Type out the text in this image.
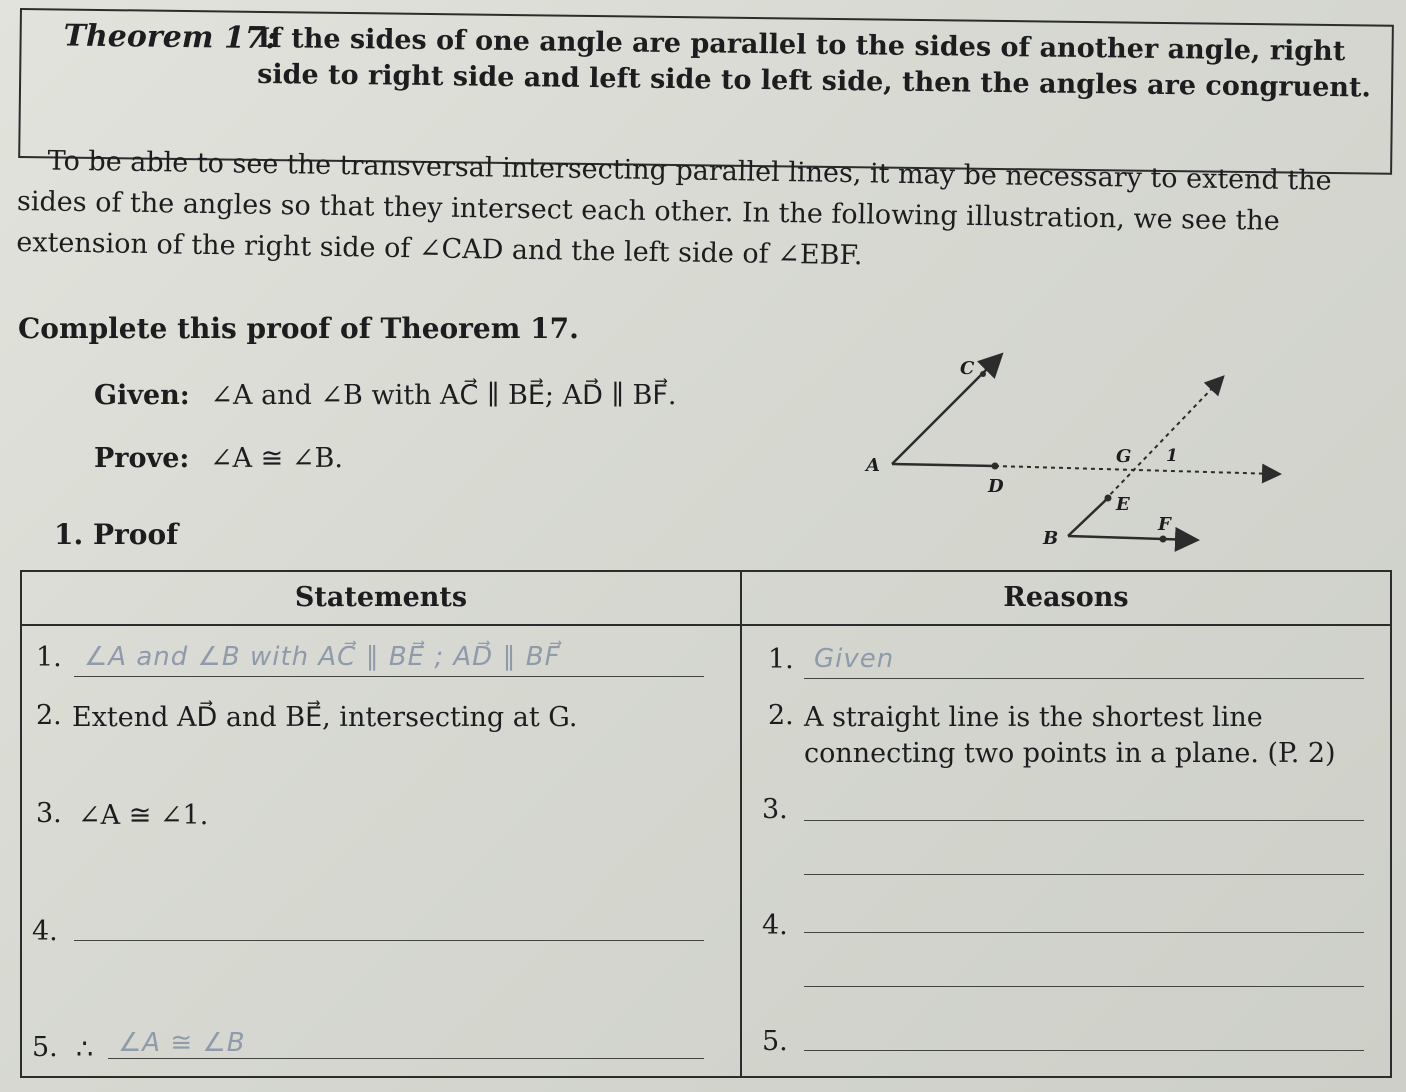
Theorem 17:
If the sides of one angle are parallel to the sides of another angle, right side to right side and left side to left side, then the angles are congruent.
To be able to see the transversal intersecting parallel lines, it may be necessary to extend the sides of the angles so that they intersect each other. In the following illustration, we see the extension of the right side of ∠CAD and the left side of ∠EBF.
Complete this proof of Theorem 17.
Given: ∠A and ∠B with AC⃗ ∥ BE⃗; AD⃗ ∥ BF⃗.
Prove: ∠A ≅ ∠B.
1. Proof
C
A
D
G 1
E
B
F
Statements	Reasons
1. ∠A and ∠B with AC⃗ ∥ BE⃗ ; AD⃗ ∥ BF⃗	1. Given
2. Extend AD⃗ and BE⃗, intersecting at G.	2. A straight line is the shortest line connecting two points in a plane. (P. 2)
3. ∠A ≅ ∠1.	3.
4.	4.
5. ∴ ∠A ≅ ∠B	5.
